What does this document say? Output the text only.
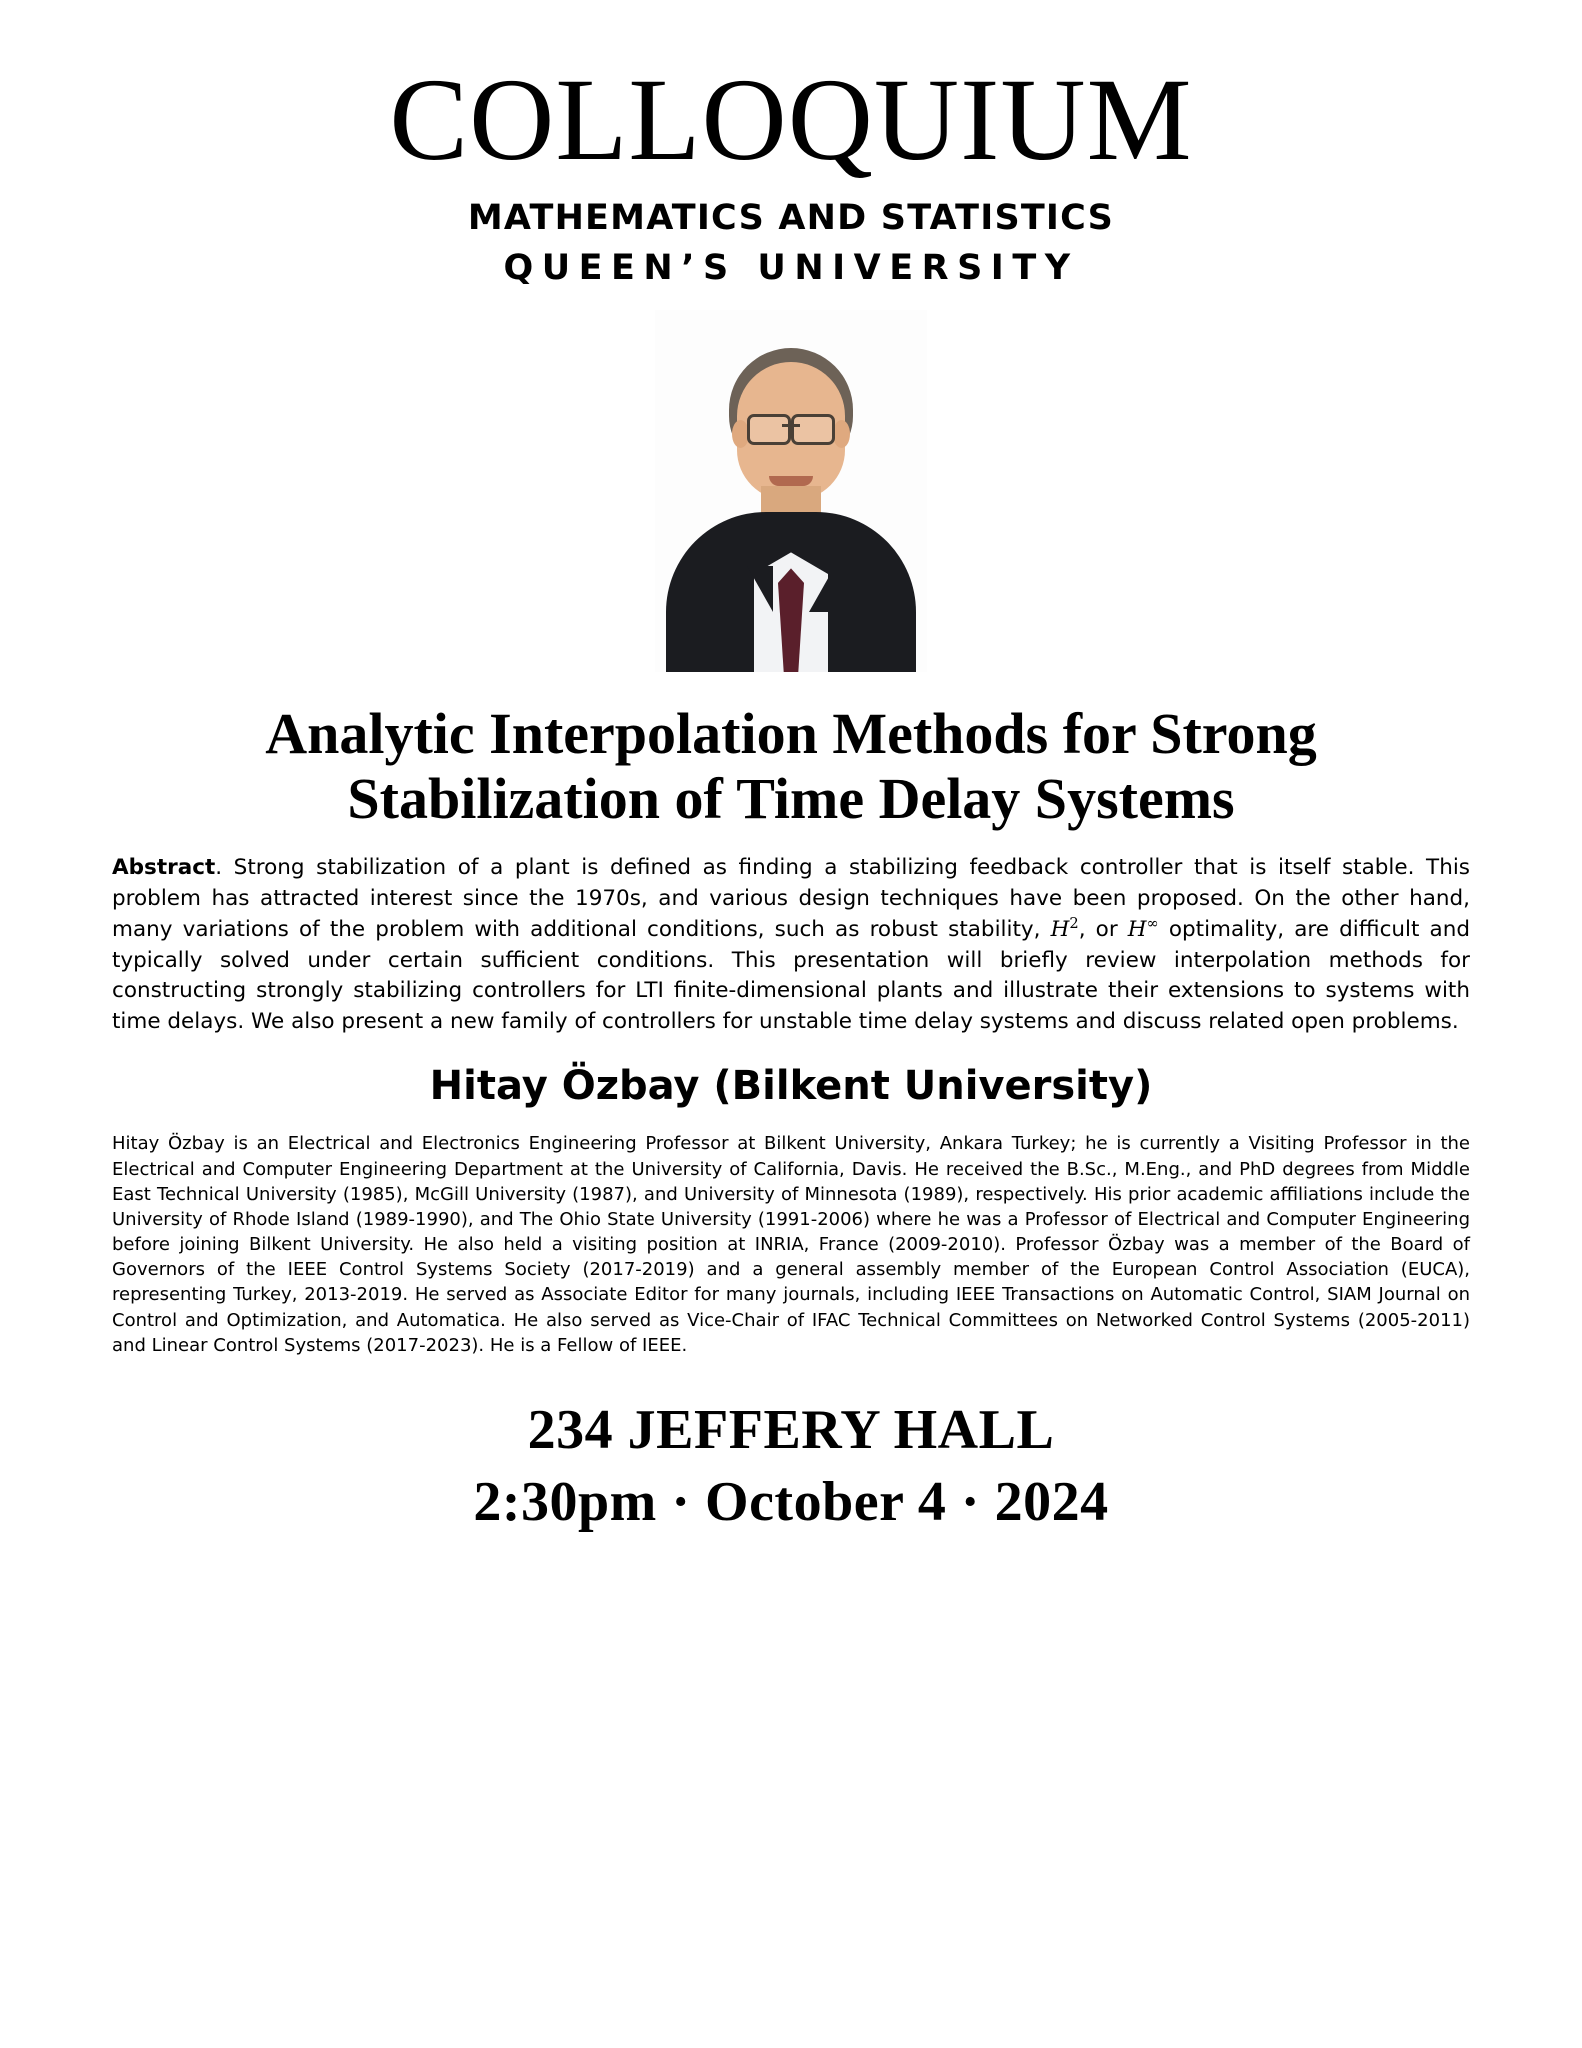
COLLOQUIUM
MATHEMATICS AND STATISTICS
QUEEN’S UNIVERSITY
Analytic Interpolation Methods for Strong Stabilization of Time Delay Systems
Abstract. Strong stabilization of a plant is defined as finding a stabilizing feedback controller that is itself stable. This problem has attracted interest since the 1970s, and various design techniques have been proposed. On the other hand, many variations of the problem with additional conditions, such as robust stability, $H^2$, or H∞ optimality, are difficult and typically solved under certain sufficient conditions. This presentation will briefly review interpolation methods for constructing strongly stabilizing controllers for LTI finite-dimensional plants and illustrate their extensions to systems with time delays. We also present a new family of controllers for unstable time delay systems and discuss related open problems.
Hitay Özbay (Bilkent University)
Hitay Özbay is an Electrical and Electronics Engineering Professor at Bilkent University, Ankara Turkey; he is currently a Visiting Professor in the Electrical and Computer Engineering Department at the University of California, Davis. He received the B.Sc., M.Eng., and PhD degrees from Middle East Technical University (1985), McGill University (1987), and University of Minnesota (1989), respectively. His prior academic affiliations include the University of Rhode Island (1989-1990), and The Ohio State University (1991-2006) where he was a Professor of Electrical and Computer Engineering before joining Bilkent University. He also held a visiting position at INRIA, France (2009-2010). Professor Özbay was a member of the Board of Governors of the IEEE Control Systems Society (2017-2019) and a general assembly member of the European Control Association (EUCA), representing Turkey, 2013-2019. He served as Associate Editor for many journals, including IEEE Transactions on Automatic Control, SIAM Journal on Control and Optimization, and Automatica. He also served as Vice-Chair of IFAC Technical Committees on Networked Control Systems (2005-2011) and Linear Control Systems (2017-2023). He is a Fellow of IEEE.
234 JEFFERY HALL
2:30pm · October 4 · 2024
